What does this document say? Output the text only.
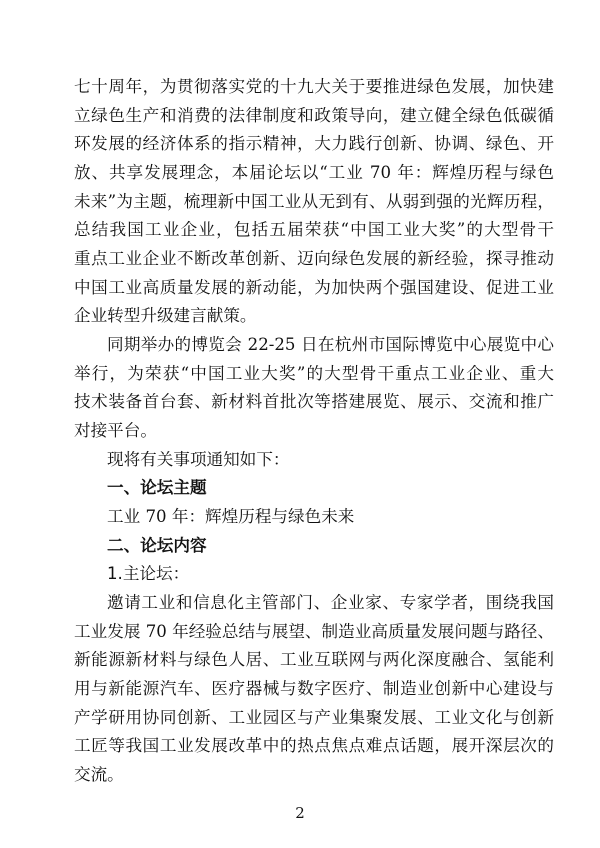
七十周年，为贯彻落实党的十九大关于要推进绿色发展，加快建
立绿色生产和消费的法律制度和政策导向，建立健全绿色低碳循
环发展的经济体系的指示精神，大力践行创新、协调、绿色、开
放、共享发展理念，本届论坛以“工业 70 年：辉煌历程与绿色
未来”为主题，梳理新中国工业从无到有、从弱到强的光辉历程，
总结我国工业企业，包括五届荣获“中国工业大奖”的大型骨干
重点工业企业不断改革创新、迈向绿色发展的新经验，探寻推动
中国工业高质量发展的新动能，为加快两个强国建设、促进工业
企业转型升级建言献策。
同期举办的博览会 22-25 日在杭州市国际博览中心展览中心
举行，为荣获“中国工业大奖”的大型骨干重点工业企业、重大
技术装备首台套、新材料首批次等搭建展览、展示、交流和推广
对接平台。
现将有关事项通知如下：
一、论坛主题
工业 70 年：辉煌历程与绿色未来
二、论坛内容
1.主论坛：
邀请工业和信息化主管部门、企业家、专家学者，围绕我国
工业发展 70 年经验总结与展望、制造业高质量发展问题与路径、
新能源新材料与绿色人居、工业互联网与两化深度融合、氢能利
用与新能源汽车、医疗器械与数字医疗、制造业创新中心建设与
产学研用协同创新、工业园区与产业集聚发展、工业文化与创新
工匠等我国工业发展改革中的热点焦点难点话题，展开深层次的
交流。
2
